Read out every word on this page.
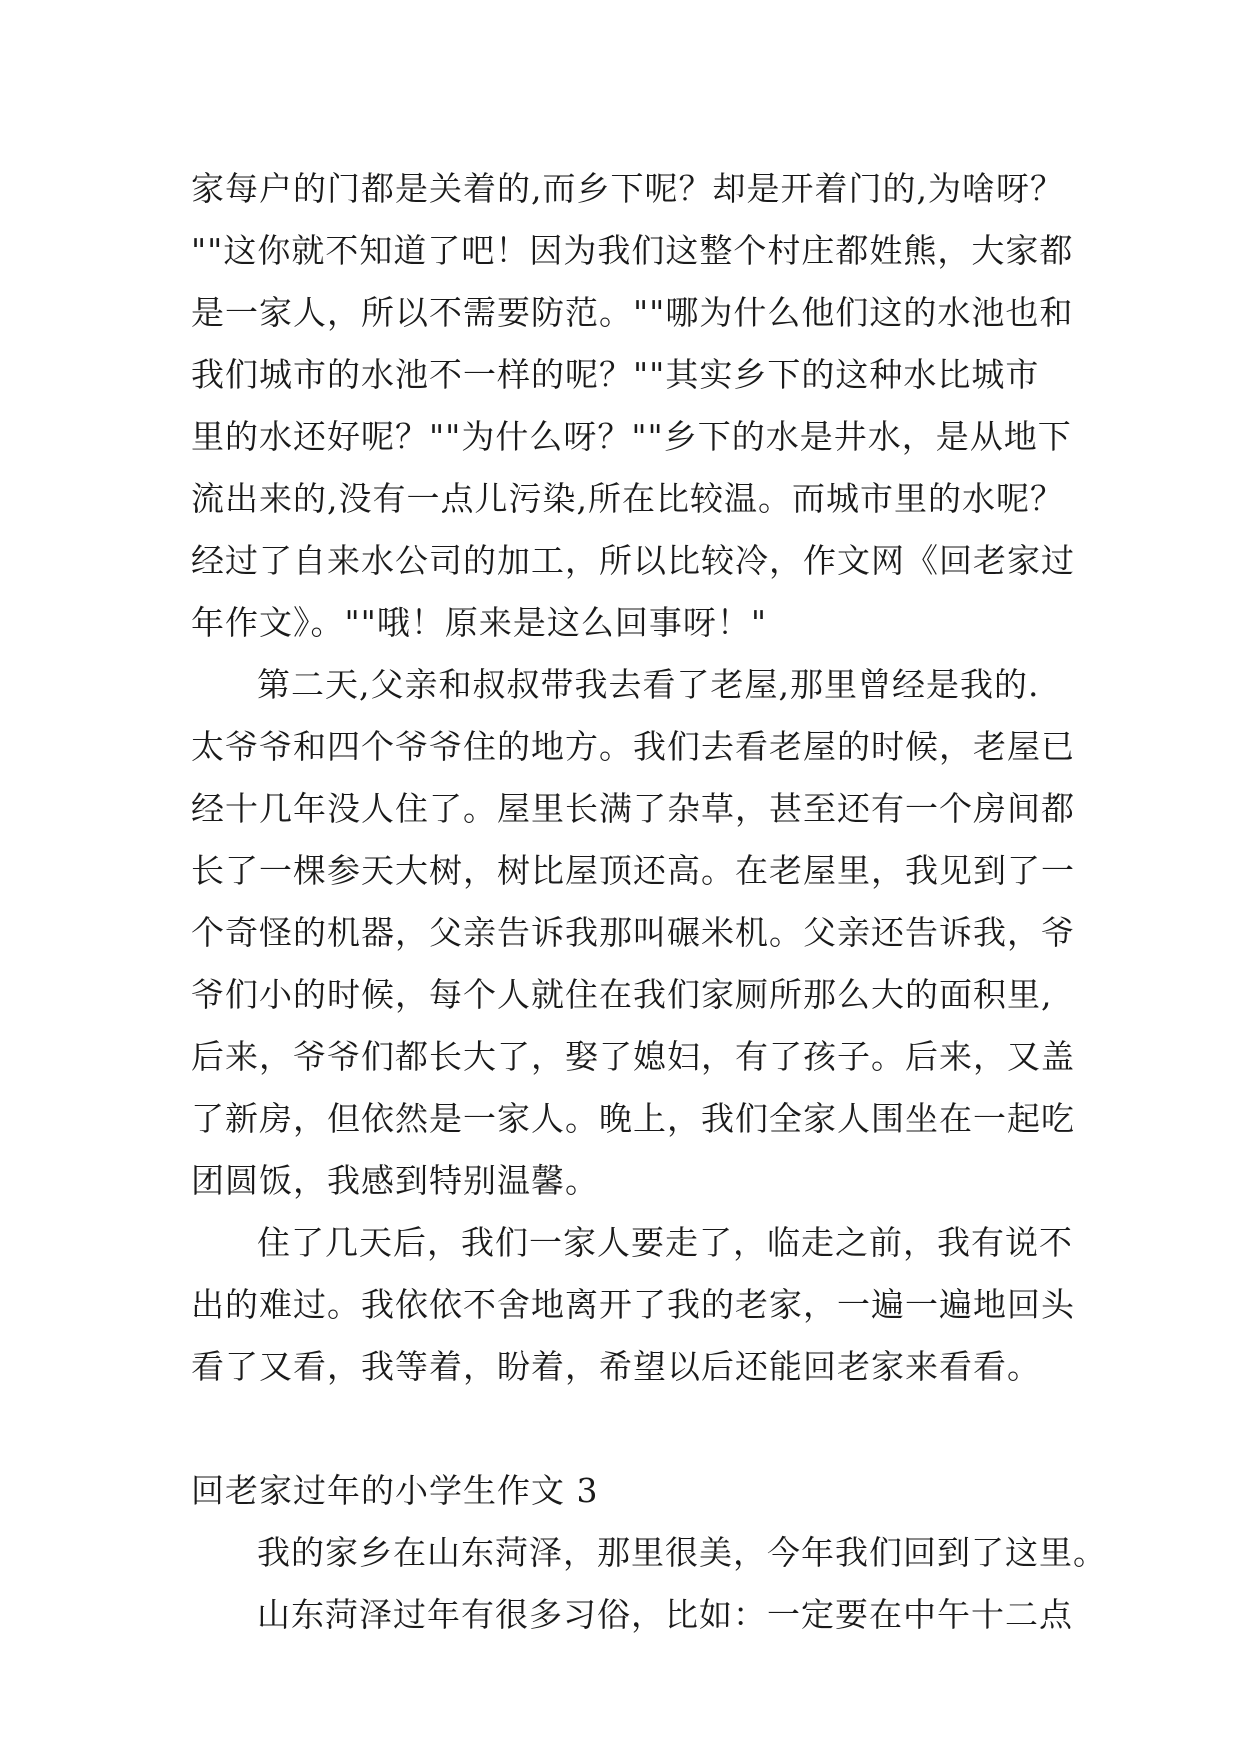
家每户的门都是关着的,而乡下呢？却是开着门的,为啥呀？
""这你就不知道了吧！因为我们这整个村庄都姓熊，大家都
是一家人，所以不需要防范。""哪为什么他们这的水池也和
我们城市的水池不一样的呢？""其实乡下的这种水比城市
里的水还好呢？""为什么呀？""乡下的水是井水，是从地下
流出来的,没有一点儿污染,所在比较温。而城市里的水呢？
经过了自来水公司的加工，所以比较冷，作文网《回老家过
年作文》。""哦！原来是这么回事呀！"
第二天,父亲和叔叔带我去看了老屋,那里曾经是我的.
太爷爷和四个爷爷住的地方。我们去看老屋的时候，老屋已
经十几年没人住了。屋里长满了杂草，甚至还有一个房间都
长了一棵参天大树，树比屋顶还高。在老屋里，我见到了一
个奇怪的机器，父亲告诉我那叫碾米机。父亲还告诉我，爷
爷们小的时候，每个人就住在我们家厕所那么大的面积里,
后来，爷爷们都长大了，娶了媳妇，有了孩子。后来，又盖
了新房，但依然是一家人。晚上，我们全家人围坐在一起吃
团圆饭，我感到特别温馨。
住了几天后，我们一家人要走了，临走之前，我有说不
出的难过。我依依不舍地离开了我的老家，一遍一遍地回头
看了又看，我等着，盼着，希望以后还能回老家来看看。
回老家过年的小学生作文 3
我的家乡在山东菏泽，那里很美，今年我们回到了这里。
山东菏泽过年有很多习俗，比如：一定要在中午十二点
